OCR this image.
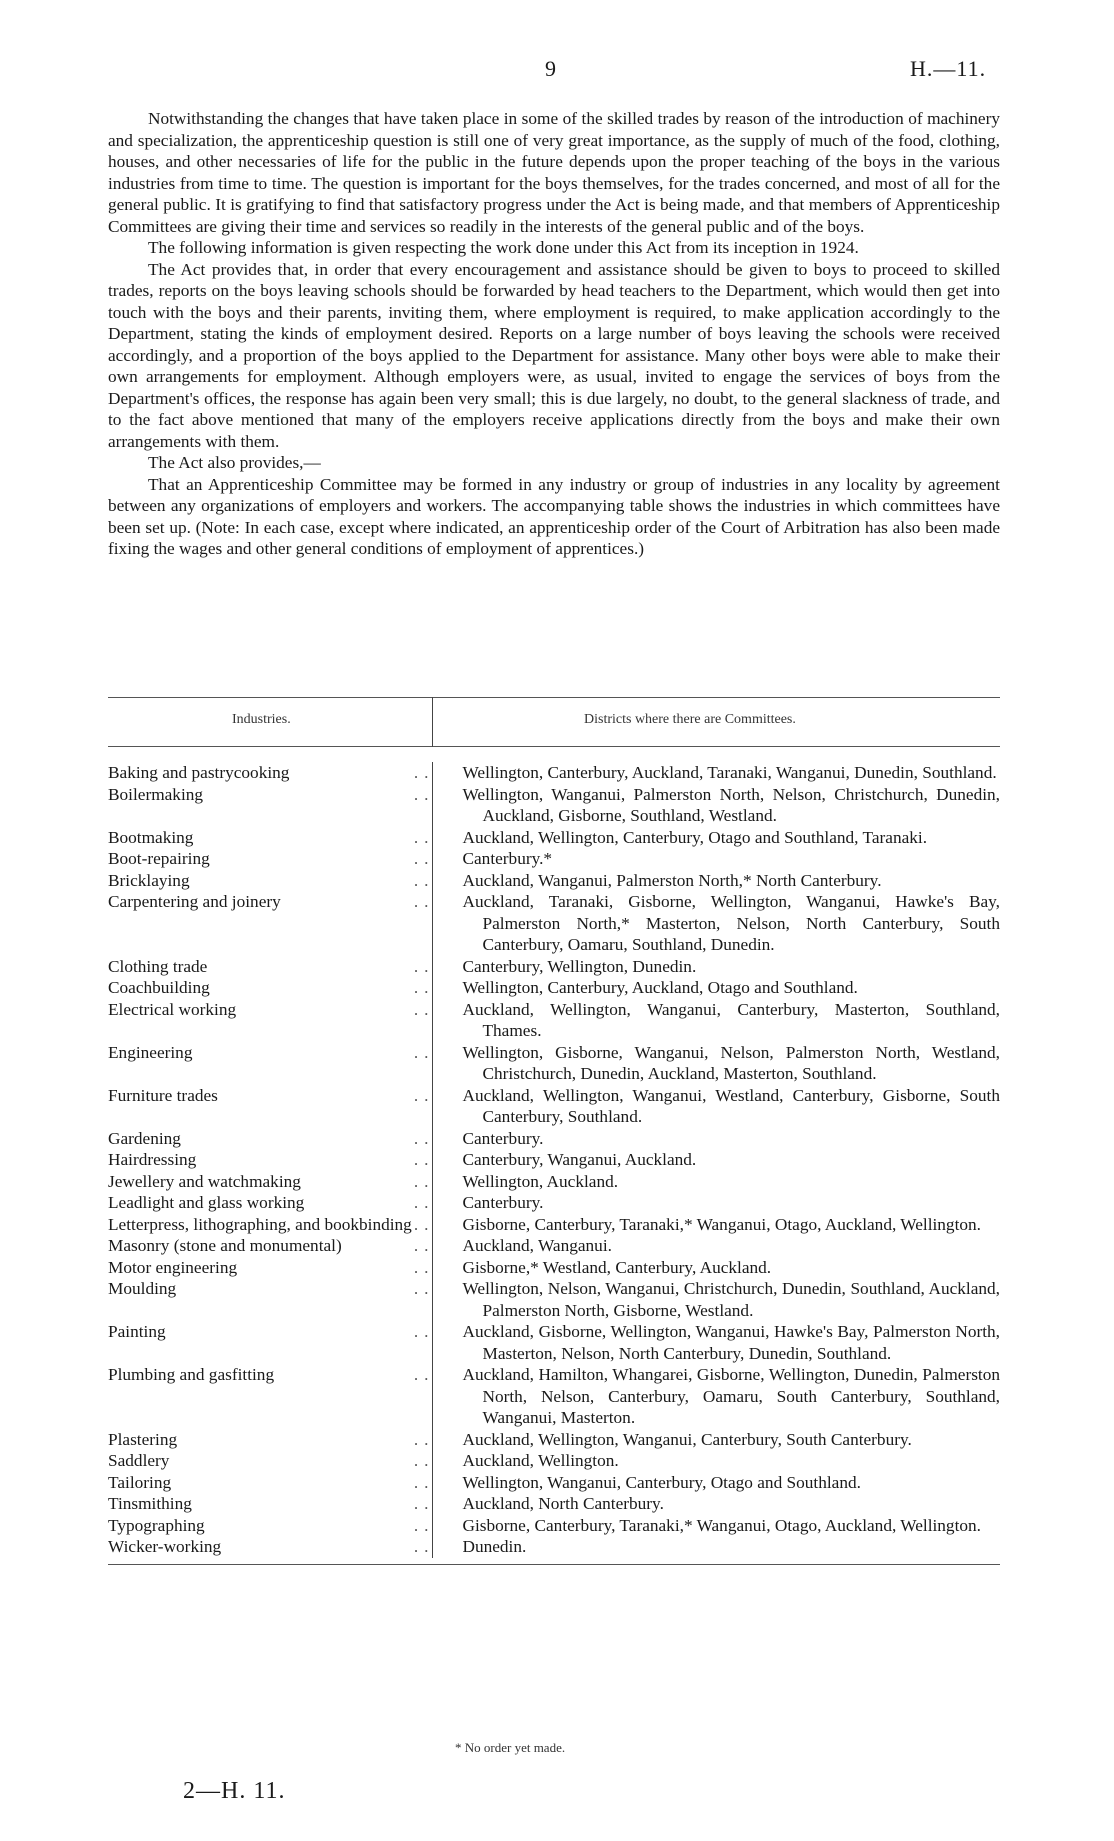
9	H.—11.

Notwithstanding the changes that have taken place in some of the skilled trades by reason of the introduction of machinery and specialization, the apprenticeship question is still one of very great importance, as the supply of much of the food, clothing, houses, and other necessaries of life for the public in the future depends upon the proper teaching of the boys in the various industries from time to time. The question is important for the boys themselves, for the trades concerned, and most of all for the general public. It is gratifying to find that satisfactory progress under the Act is being made, and that members of Apprenticeship Committees are giving their time and services so readily in the interests of the general public and of the boys.

The following information is given respecting the work done under this Act from its inception in 1924.

The Act provides that, in order that every encouragement and assistance should be given to boys to proceed to skilled trades, reports on the boys leaving schools should be forwarded by head teachers to the Department, which would then get into touch with the boys and their parents, inviting them, where employment is required, to make application accordingly to the Department, stating the kinds of employment desired. Reports on a large number of boys leaving the schools were received accordingly, and a proportion of the boys applied to the Department for assistance. Many other boys were able to make their own arrangements for employment. Although employers were, as usual, invited to engage the services of boys from the Department's offices, the response has again been very small; this is due largely, no doubt, to the general slackness of trade, and to the fact above mentioned that many of the employers receive applications directly from the boys and make their own arrangements with them.

The Act also provides,—

That an Apprenticeship Committee may be formed in any industry or group of industries in any locality by agreement between any organizations of employers and workers. The accompanying table shows the industries in which committees have been set up. (Note: In each case, except where indicated, an apprenticeship order of the Court of Arbitration has also been made fixing the wages and other general conditions of employment of apprentices.)

Industries.	Districts where there are Committees.
Baking and pastrycooking	.. Wellington, Canterbury, Auckland, Taranaki, Wanganui, Dunedin, Southland.
Boilermaking	.. Wellington, Wanganui, Palmerston North, Nelson, Christchurch, Dunedin, Auckland, Gisborne, Southland, Westland.
Bootmaking	.. Auckland, Wellington, Canterbury, Otago and Southland, Taranaki.
Boot-repairing	.. Canterbury.*
Bricklaying	.. Auckland, Wanganui, Palmerston North,* North Canterbury.
Carpentering and joinery	.. Auckland, Taranaki, Gisborne, Wellington, Wanganui, Hawke's Bay, Palmerston North,* Masterton, Nelson, North Canterbury, South Canterbury, Oamaru, Southland, Dunedin.
Clothing trade	.. Canterbury, Wellington, Dunedin.
Coachbuilding	.. Wellington, Canterbury, Auckland, Otago and Southland.
Electrical working	.. Auckland, Wellington, Wanganui, Canterbury, Masterton, Southland, Thames.
Engineering	.. Wellington, Gisborne, Wanganui, Nelson, Palmerston North, Westland, Christchurch, Dunedin, Auckland, Masterton, Southland.
Furniture trades	.. Auckland, Wellington, Wanganui, Westland, Canterbury, Gisborne, South Canterbury, Southland.
Gardening	.. Canterbury.
Hairdressing	.. Canterbury, Wanganui, Auckland.
Jewellery and watchmaking	.. Wellington, Auckland.
Leadlight and glass working	.. Canterbury.
Letterpress, lithographing, and bookbinding .. Gisborne, Canterbury, Taranaki,* Wanganui, Otago, Auckland, Wellington.
Masonry (stone and monumental)	.. Auckland, Wanganui.
Motor engineering	.. Gisborne,* Westland, Canterbury, Auckland.
Moulding	.. Wellington, Nelson, Wanganui, Christchurch, Dunedin, Southland, Auckland, Palmerston North, Gisborne, Westland.
Painting	.. Auckland, Gisborne, Wellington, Wanganui, Hawke's Bay, Palmerston North, Masterton, Nelson, North Canterbury, Dunedin, Southland.
Plumbing and gasfitting	.. Auckland, Hamilton, Whangarei, Gisborne, Wellington, Dunedin, Palmerston North, Nelson, Canterbury, Oamaru, South Canterbury, Southland, Wanganui, Masterton.
Plastering	.. Auckland, Wellington, Wanganui, Canterbury, South Canterbury.
Saddlery	.. Auckland, Wellington.
Tailoring	.. Wellington, Wanganui, Canterbury, Otago and Southland.
Tinsmithing	.. Auckland, North Canterbury.
Typographing	.. Gisborne, Canterbury, Taranaki,* Wanganui, Otago, Auckland, Wellington.
Wicker-working	.. Dunedin.
* No order yet made.
2—H. 11.
